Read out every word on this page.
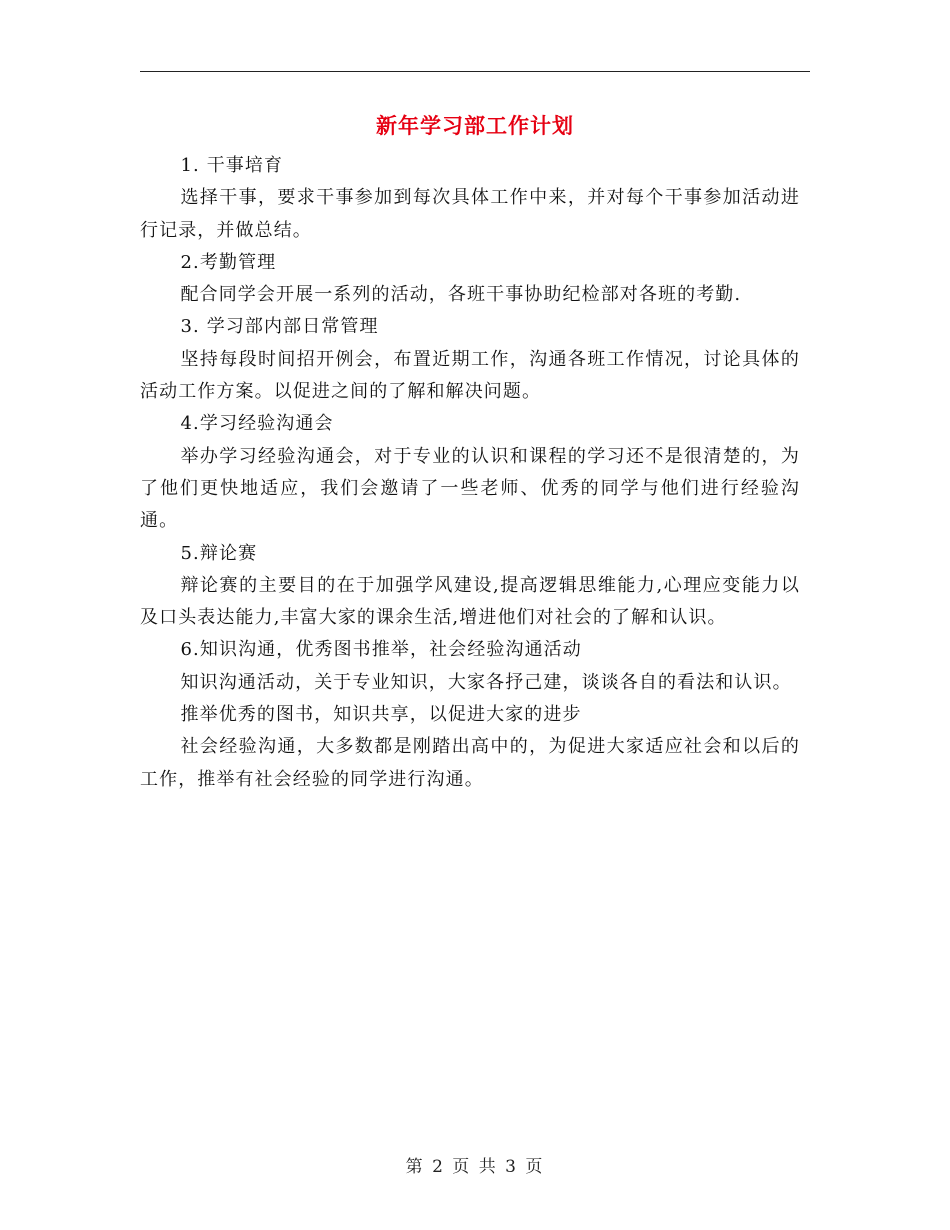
新年学习部工作计划

1. 干事培育

选择干事，要求干事参加到每次具体工作中来，并对每个干事参加活动进行记录，并做总结。

2.考勤管理

配合同学会开展一系列的活动，各班干事协助纪检部对各班的考勤.

3. 学习部内部日常管理

坚持每段时间招开例会，布置近期工作，沟通各班工作情况，讨论具体的活动工作方案。以促进之间的了解和解决问题。

4.学习经验沟通会

举办学习经验沟通会，对于专业的认识和课程的学习还不是很清楚的，为了他们更快地适应，我们会邀请了一些老师、优秀的同学与他们进行经验沟通。

5.辩论赛

辩论赛的主要目的在于加强学风建设,提高逻辑思维能力,心理应变能力以及口头表达能力,丰富大家的课余生活,增进他们对社会的了解和认识。

6.知识沟通，优秀图书推举，社会经验沟通活动

知识沟通活动，关于专业知识，大家各抒己建，谈谈各自的看法和认识。

推举优秀的图书，知识共享，以促进大家的进步

社会经验沟通，大多数都是刚踏出高中的，为促进大家适应社会和以后的工作，推举有社会经验的同学进行沟通。

第 2 页 共 3 页
